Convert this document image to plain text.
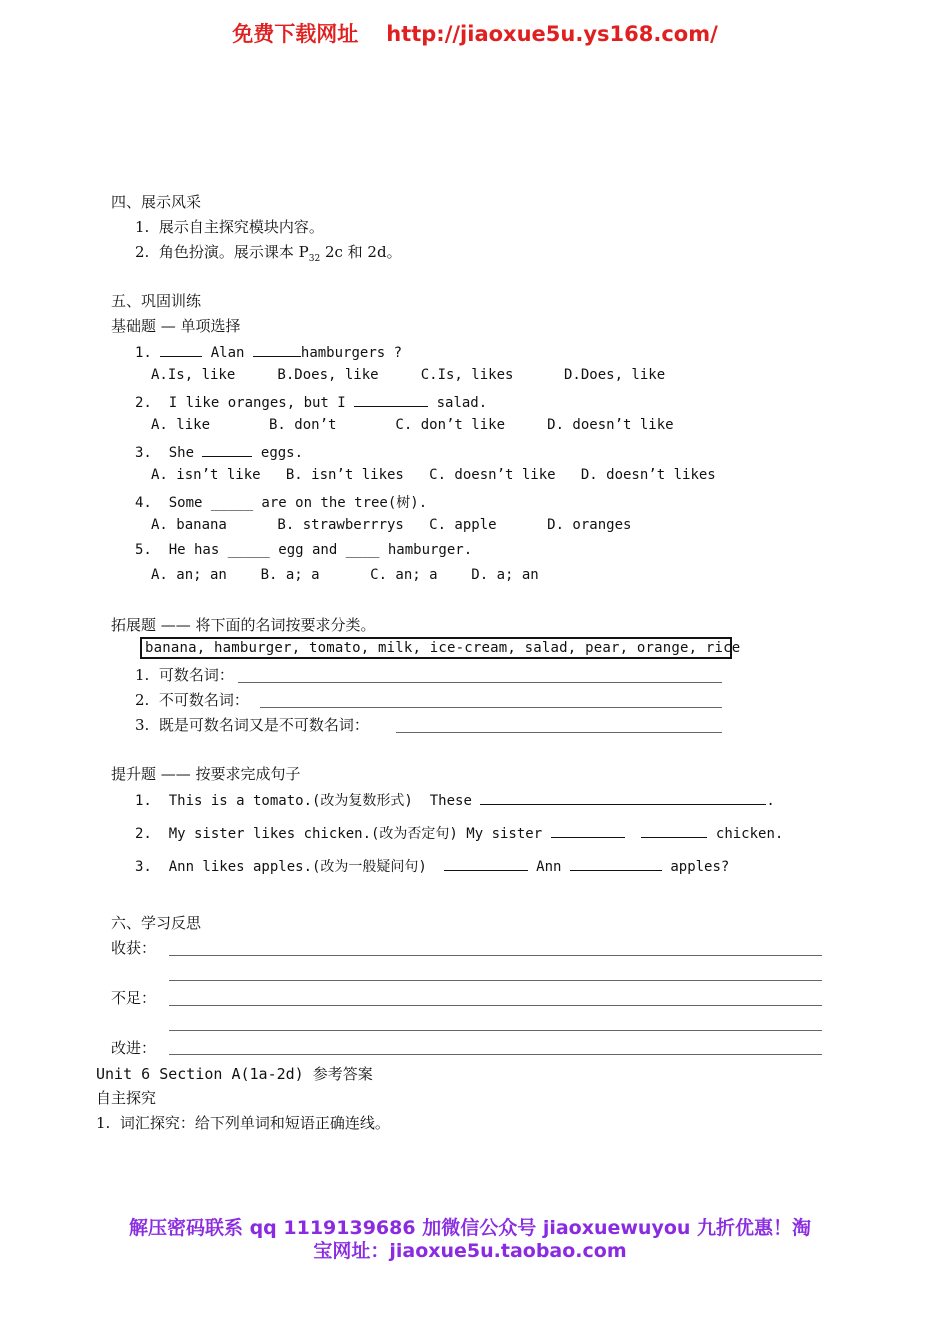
免费下载网址 http://jiaoxue5u.ys168.com/
四、展示风采
1.  展示自主探究模块内容。
2.  角色扮演。展示课本 $P_{32}$ 2c 和 2d。
五、巩固训练
基础题 — 单项选择
1.	Alan	hamburgers ?
A.Is, like     B.Does, like     C.Is, likes      D.Does, like
2.  I like oranges, but I	salad.
A. like       B. don’t       C. don’t like     D. doesn’t like
3.  She	eggs.
A. isn’t like   B. isn’t likes   C. doesn’t like   D. doesn’t likes
4.  Some _____ are on the tree(树).
A. banana      B. strawberrrys   C. apple      D. oranges
5.  He has _____ egg and ____ hamburger.
A. an; an    B. a; a      C. an; a    D. a; an
拓展题 —— 将下面的名词按要求分类。
banana, hamburger, tomato, milk, ice-cream, salad, pear, orange, rice
1.  可数名词：
2.  不可数名词：
3.  既是可数名词又是不可数名词：
提升题 —— 按要求完成句子
1.  This is a tomato.(改为复数形式) These	.
2.  My sister likes chicken.(改为否定句) My sister	chicken.
3.  Ann likes apples.(改为一般疑问句)	Ann	apples?
六、学习反思
收获：
不足：
改进：
Unit 6 Section A(1a-2d) 参考答案
自主探究
1.  词汇探究：给下列单词和短语正确连线。
解压密码联系 qq 1119139686 加微信公众号 jiaoxuewuyou 九折优惠！淘
宝网址：jiaoxue5u.taobao.com
